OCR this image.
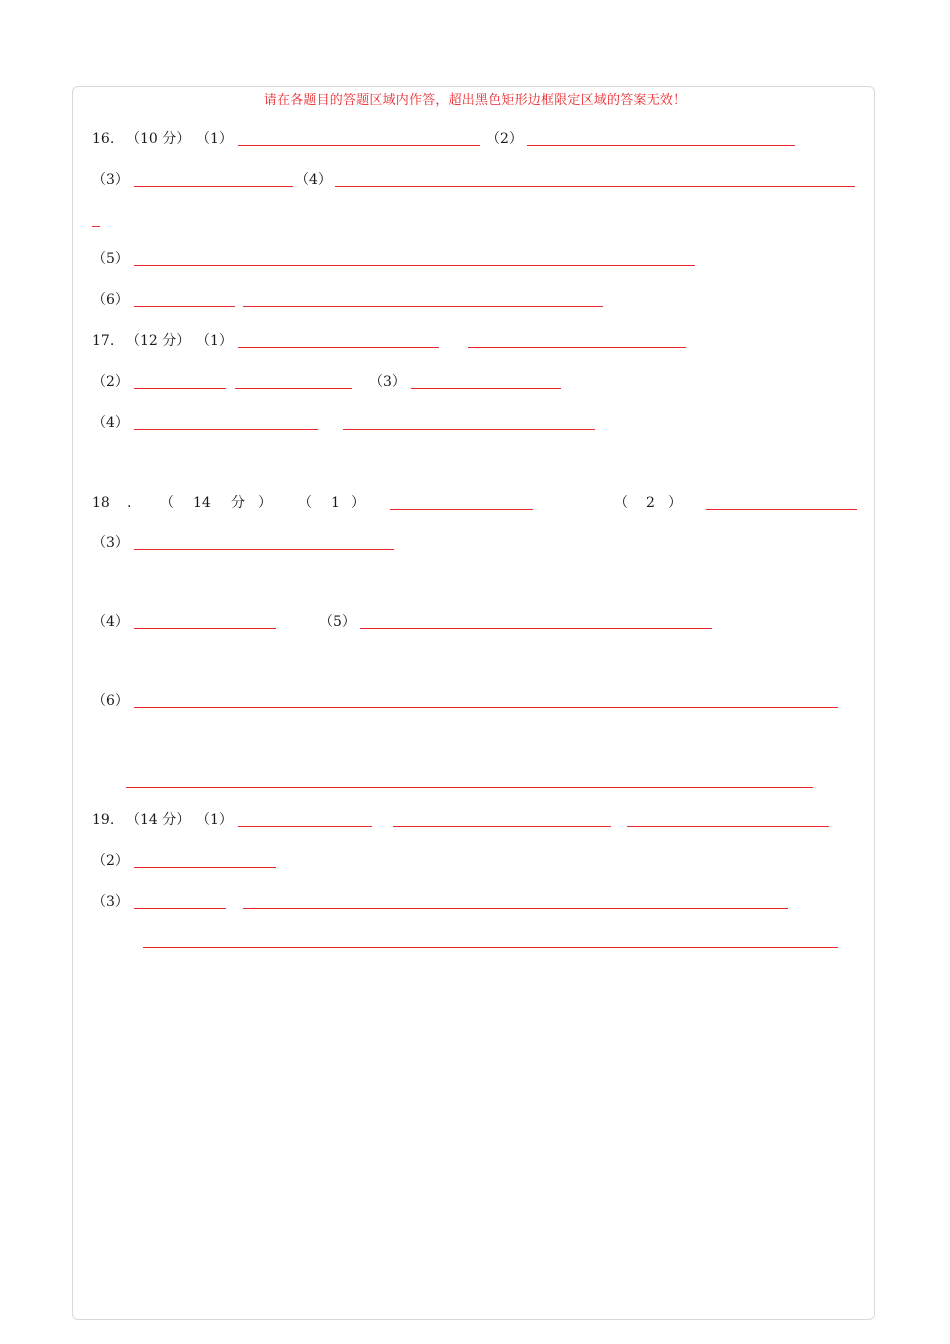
请在各题目的答题区域内作答，超出黑色矩形边框限定区域的答案无效！
16. （10 分） （1）	（2）
（3）	（4）
（5）
（6）
17. （12 分） （1）
（2）	（3）
（4）
18 . （ 14 分 ） （ 1 ）	（ 2 ）
（3）
（4）	（5）
（6）
19. （14 分） （1）
（2）
（3）
